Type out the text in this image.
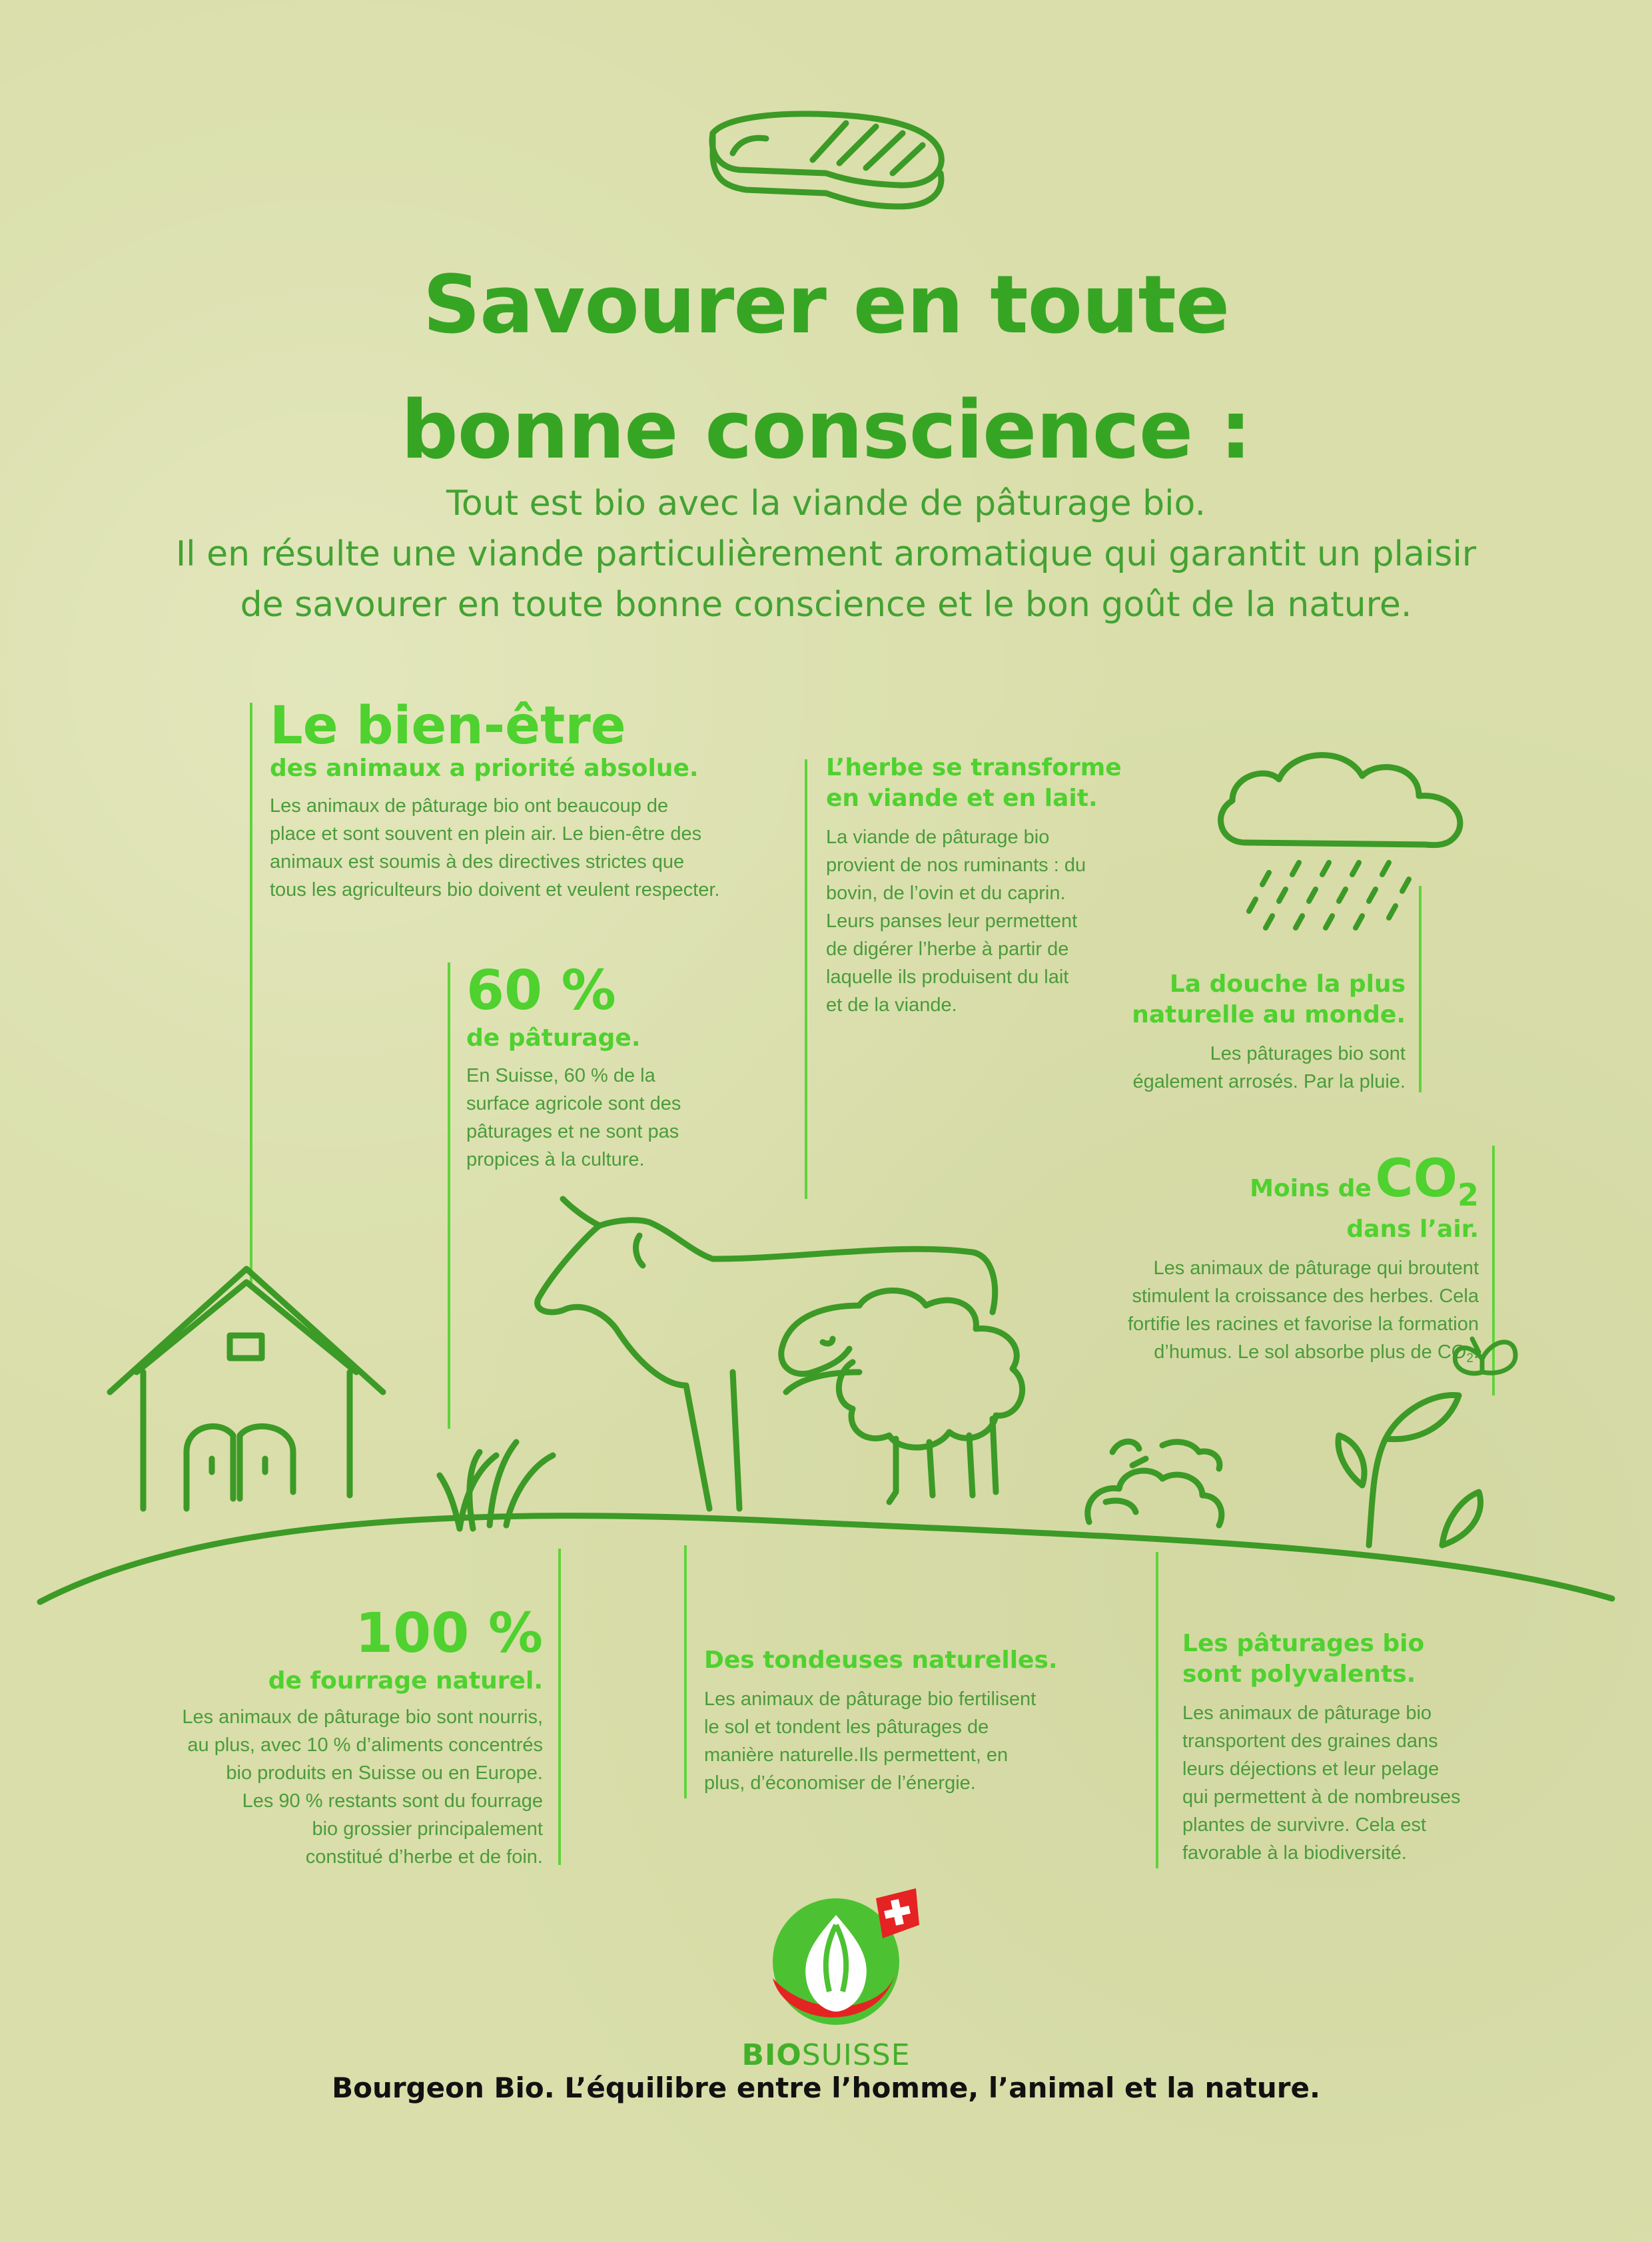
Savourer en toute
bonne conscience :
Tout est bio avec la viande de pâturage bio.
Il en résulte une viande particulièrement aromatique qui garantit un plaisir
de savourer en toute bonne conscience et le bon goût de la nature.
Le bien-être
des animaux a priorité absolue.
Les animaux de pâturage bio ont beaucoup de
place et sont souvent en plein air. Le bien-être des
animaux est soumis à des directives strictes que
tous les agriculteurs bio doivent et veulent respecter.
60 %
de pâturage.
En Suisse, 60 % de la
surface agricole sont des
pâturages et ne sont pas
propices à la culture.
L’herbe se transforme
en viande et en lait.
La viande de pâturage bio
provient de nos ruminants : du
bovin, de l’ovin et du caprin.
Leurs panses leur permettent
de digérer l’herbe à partir de
laquelle ils produisent du lait
et de la viande.
La douche la plus
naturelle au monde.
Les pâturages bio sont
également arrosés. Par la pluie.
Moins de CO2
dans l’air.
Les animaux de pâturage qui broutent
stimulent la croissance des herbes. Cela
fortifie les racines et favorise la formation
d’humus. Le sol absorbe plus de $CO_2$.
100 %
de fourrage naturel.
Les animaux de pâturage bio sont nourris,
au plus, avec 10 % d’aliments concentrés
bio produits en Suisse ou en Europe.
Les 90 % restants sont du fourrage
bio grossier principalement
constitué d’herbe et de foin.
Des tondeuses naturelles.
Les animaux de pâturage bio fertilisent
le sol et tondent les pâturages de
manière naturelle.Ils permettent, en
plus, d’économiser de l’énergie.
Les pâturages bio
sont polyvalents.
Les animaux de pâturage bio
transportent des graines dans
leurs déjections et leur pelage
qui permettent à de nombreuses
plantes de survivre. Cela est
favorable à la biodiversité.
BIOSUISSE
Bourgeon Bio. L’équilibre entre l’homme, l’animal et la nature.
